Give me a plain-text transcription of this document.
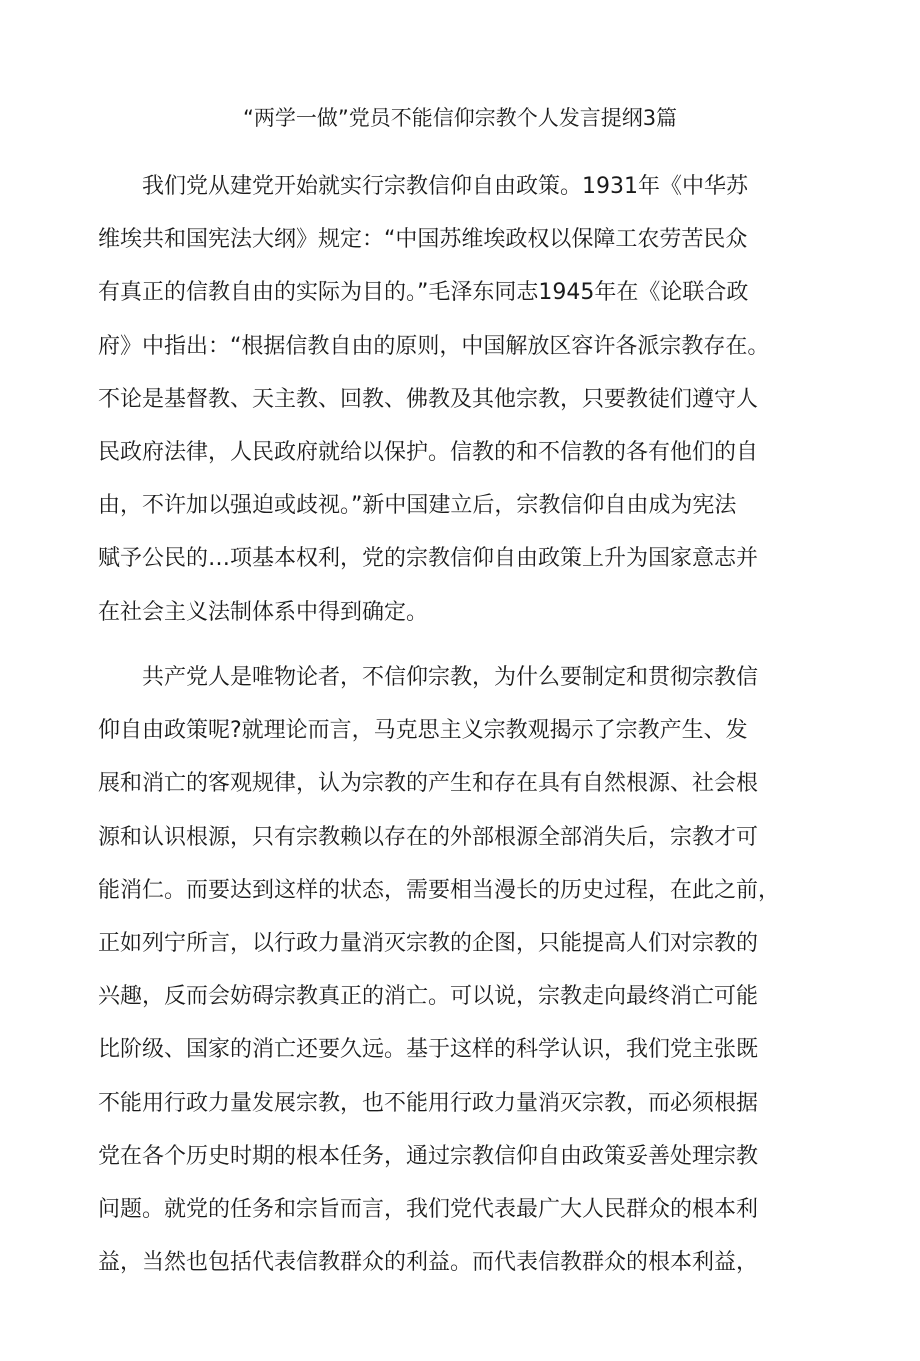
“两学一做”党员不能信仰宗教个人发言提纲3篇

我们党从建党开始就实行宗教信仰自由政策。1931年《中华苏
维埃共和国宪法大纲》规定：“中国苏维埃政权以保障工农劳苦民众
有真正的信教自由的实际为目的。”毛泽东同志1945年在《论联合政
府》中指出：“根据信教自由的原则，中国解放区容许各派宗教存在。
不论是基督教、天主教、回教、佛教及其他宗教，只要教徒们遵守人
民政府法律，人民政府就给以保护。信教的和不信教的各有他们的自
由，不许加以强迫或歧视。”新中国建立后，宗教信仰自由成为宪法
赋予公民的…项基本权利，党的宗教信仰自由政策上升为国家意志并
在社会主义法制体系中得到确定。

共产党人是唯物论者，不信仰宗教，为什么要制定和贯彻宗教信
仰自由政策呢?就理论而言，马克思主义宗教观揭示了宗教产生、发
展和消亡的客观规律，认为宗教的产生和存在具有自然根源、社会根
源和认识根源，只有宗教赖以存在的外部根源全部消失后，宗教才可
能消仁。而要达到这样的状态，需要相当漫长的历史过程，在此之前，
正如列宁所言，以行政力量消灭宗教的企图，只能提高人们对宗教的
兴趣，反而会妨碍宗教真正的消亡。可以说，宗教走向最终消亡可能
比阶级、国家的消亡还要久远。基于这样的科学认识，我们党主张既
不能用行政力量发展宗教，也不能用行政力量消灭宗教，而必须根据
党在各个历史时期的根本任务，通过宗教信仰自由政策妥善处理宗教
问题。就党的任务和宗旨而言，我们党代表最广大人民群众的根本利
益，当然也包括代表信教群众的利益。而代表信教群众的根本利益，
